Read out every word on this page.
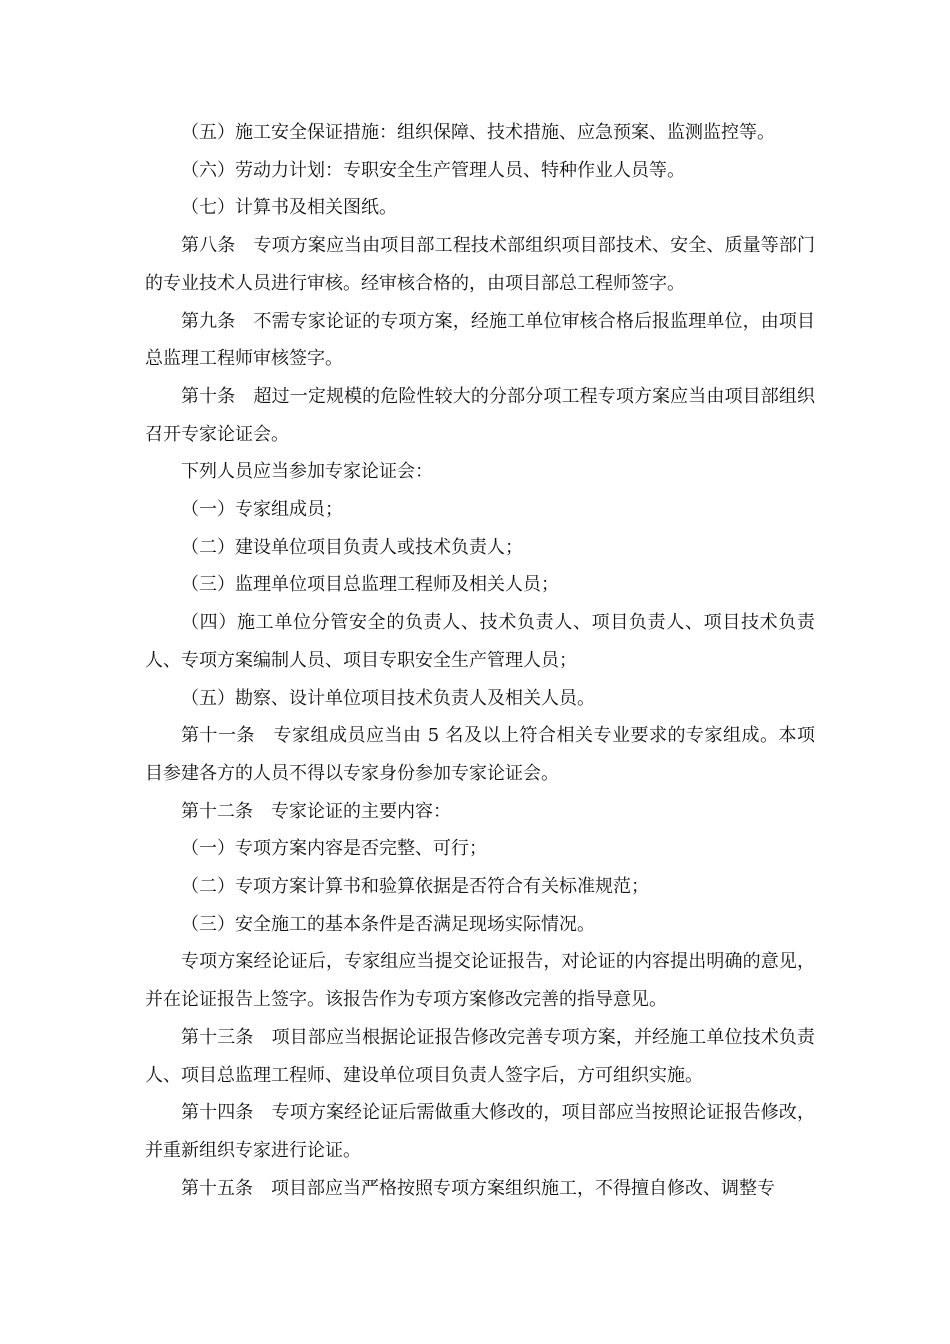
（五）施工安全保证措施：组织保障、技术措施、应急预案、监测监控等。

（六）劳动力计划：专职安全生产管理人员、特种作业人员等。

（七）计算书及相关图纸。

第八条　专项方案应当由项目部工程技术部组织项目部技术、安全、质量等部门的专业技术人员进行审核。经审核合格的，由项目部总工程师签字。

第九条　不需专家论证的专项方案，经施工单位审核合格后报监理单位，由项目总监理工程师审核签字。

第十条　超过一定规模的危险性较大的分部分项工程专项方案应当由项目部组织召开专家论证会。

下列人员应当参加专家论证会：

（一）专家组成员；

（二）建设单位项目负责人或技术负责人；

（三）监理单位项目总监理工程师及相关人员；

（四）施工单位分管安全的负责人、技术负责人、项目负责人、项目技术负责人、专项方案编制人员、项目专职安全生产管理人员；

（五）勘察、设计单位项目技术负责人及相关人员。

第十一条　专家组成员应当由 5 名及以上符合相关专业要求的专家组成。本项目参建各方的人员不得以专家身份参加专家论证会。

第十二条　专家论证的主要内容：

（一）专项方案内容是否完整、可行；

（二）专项方案计算书和验算依据是否符合有关标准规范；

（三）安全施工的基本条件是否满足现场实际情况。

专项方案经论证后，专家组应当提交论证报告，对论证的内容提出明确的意见，并在论证报告上签字。该报告作为专项方案修改完善的指导意见。

第十三条　项目部应当根据论证报告修改完善专项方案，并经施工单位技术负责人、项目总监理工程师、建设单位项目负责人签字后，方可组织实施。

第十四条　专项方案经论证后需做重大修改的，项目部应当按照论证报告修改，并重新组织专家进行论证。

第十五条　项目部应当严格按照专项方案组织施工，不得擅自修改、调整专
